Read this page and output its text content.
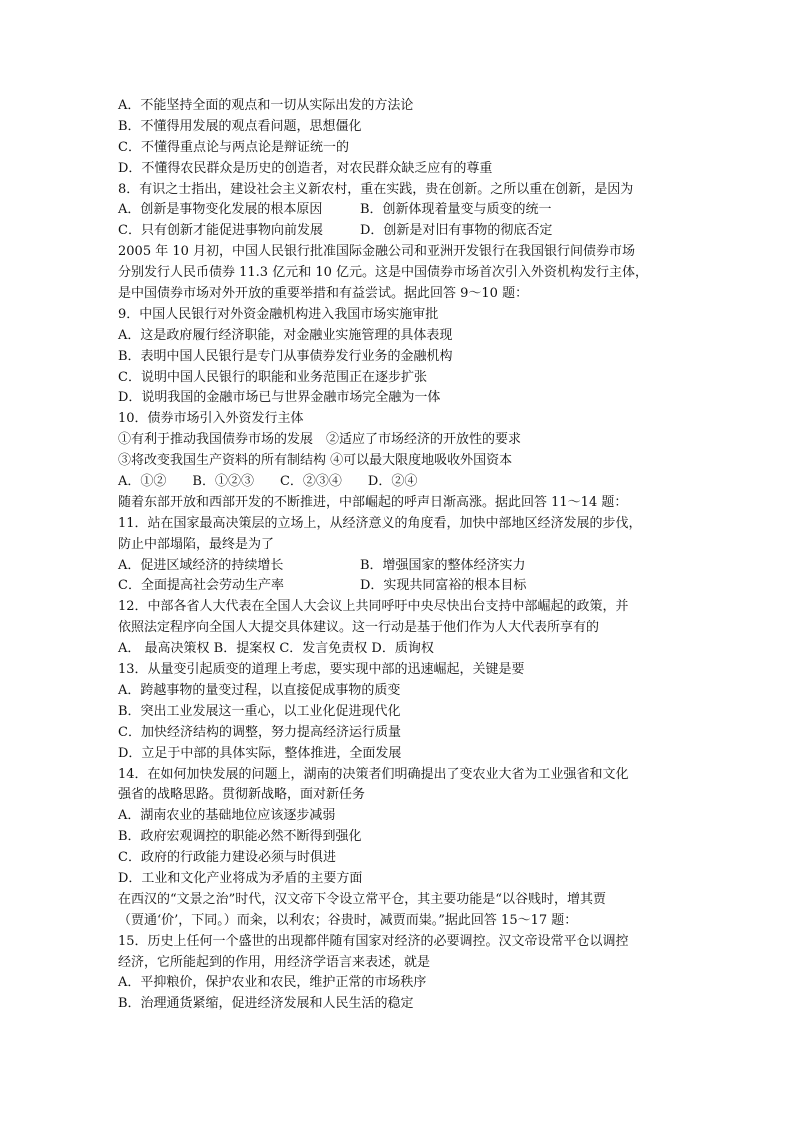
A．不能坚持全面的观点和一切从实际出发的方法论
B．不懂得用发展的观点看问题，思想僵化
C．不懂得重点论与两点论是辩证统一的
D．不懂得农民群众是历史的创造者，对农民群众缺乏应有的尊重
8．有识之士指出，建设社会主义新农村，重在实践，贵在创新。之所以重在创新，是因为
A．创新是事物变化发展的根本原因	B．创新体现着量变与质变的统一
C．只有创新才能促进事物向前发展	D．创新是对旧有事物的彻底否定
2005 年 10 月初，中国人民银行批准国际金融公司和亚洲开发银行在我国银行间债券市场
分别发行人民币债券 11.3 亿元和 10 亿元。这是中国债券市场首次引入外资机构发行主体，
是中国债券市场对外开放的重要举措和有益尝试。据此回答 9～10 题：
9．中国人民银行对外资金融机构进入我国市场实施审批
A．这是政府履行经济职能，对金融业实施管理的具体表现
B．表明中国人民银行是专门从事债券发行业务的金融机构
C．说明中国人民银行的职能和业务范围正在逐步扩张
D．说明我国的金融市场已与世界金融市场完全融为一体
10．债券市场引入外资发行主体
①有利于推动我国债券市场的发展　②适应了市场经济的开放性的要求
③将改变我国生产资料的所有制结构 ④可以最大限度地吸收外国资本
A．①② B．①②③ C．②③④ D．②④
随着东部开放和西部开发的不断推进，中部崛起的呼声日渐高涨。据此回答 11～14 题：
11．站在国家最高决策层的立场上，从经济意义的角度看，加快中部地区经济发展的步伐，
防止中部塌陷，最终是为了
A．促进区域经济的持续增长	B．增强国家的整体经济实力
C．全面提高社会劳动生产率	D．实现共同富裕的根本目标
12．中部各省人大代表在全国人大会议上共同呼吁中央尽快出台支持中部崛起的政策，并
依照法定程序向全国人大提交具体建议。这一行动是基于他们作为人大代表所享有的
A． 最高决策权 B．提案权 C．发言免责权 D．质询权
13．从量变引起质变的道理上考虑，要实现中部的迅速崛起，关键是要
A．跨越事物的量变过程，以直接促成事物的质变
B．突出工业发展这一重心，以工业化促进现代化
C．加快经济结构的调整，努力提高经济运行质量
D．立足于中部的具体实际，整体推进，全面发展
14．在如何加快发展的问题上，湖南的决策者们明确提出了变农业大省为工业强省和文化
强省的战略思路。贯彻新战略，面对新任务
A．湖南农业的基础地位应该逐步减弱
B．政府宏观调控的职能必然不断得到强化
C．政府的行政能力建设必须与时俱进
D．工业和文化产业将成为矛盾的主要方面
在西汉的“文景之治”时代，汉文帝下令设立常平仓，其主要功能是“以谷贱时，增其贾
（贾通‘价’，下同。）而籴，以利农；谷贵时，减贾而粜。”据此回答 15～17 题：
15．历史上任何一个盛世的出现都伴随有国家对经济的必要调控。汉文帝设常平仓以调控
经济，它所能起到的作用，用经济学语言来表述，就是
A．平抑粮价，保护农业和农民，维护正常的市场秩序
B．治理通货紧缩，促进经济发展和人民生活的稳定
